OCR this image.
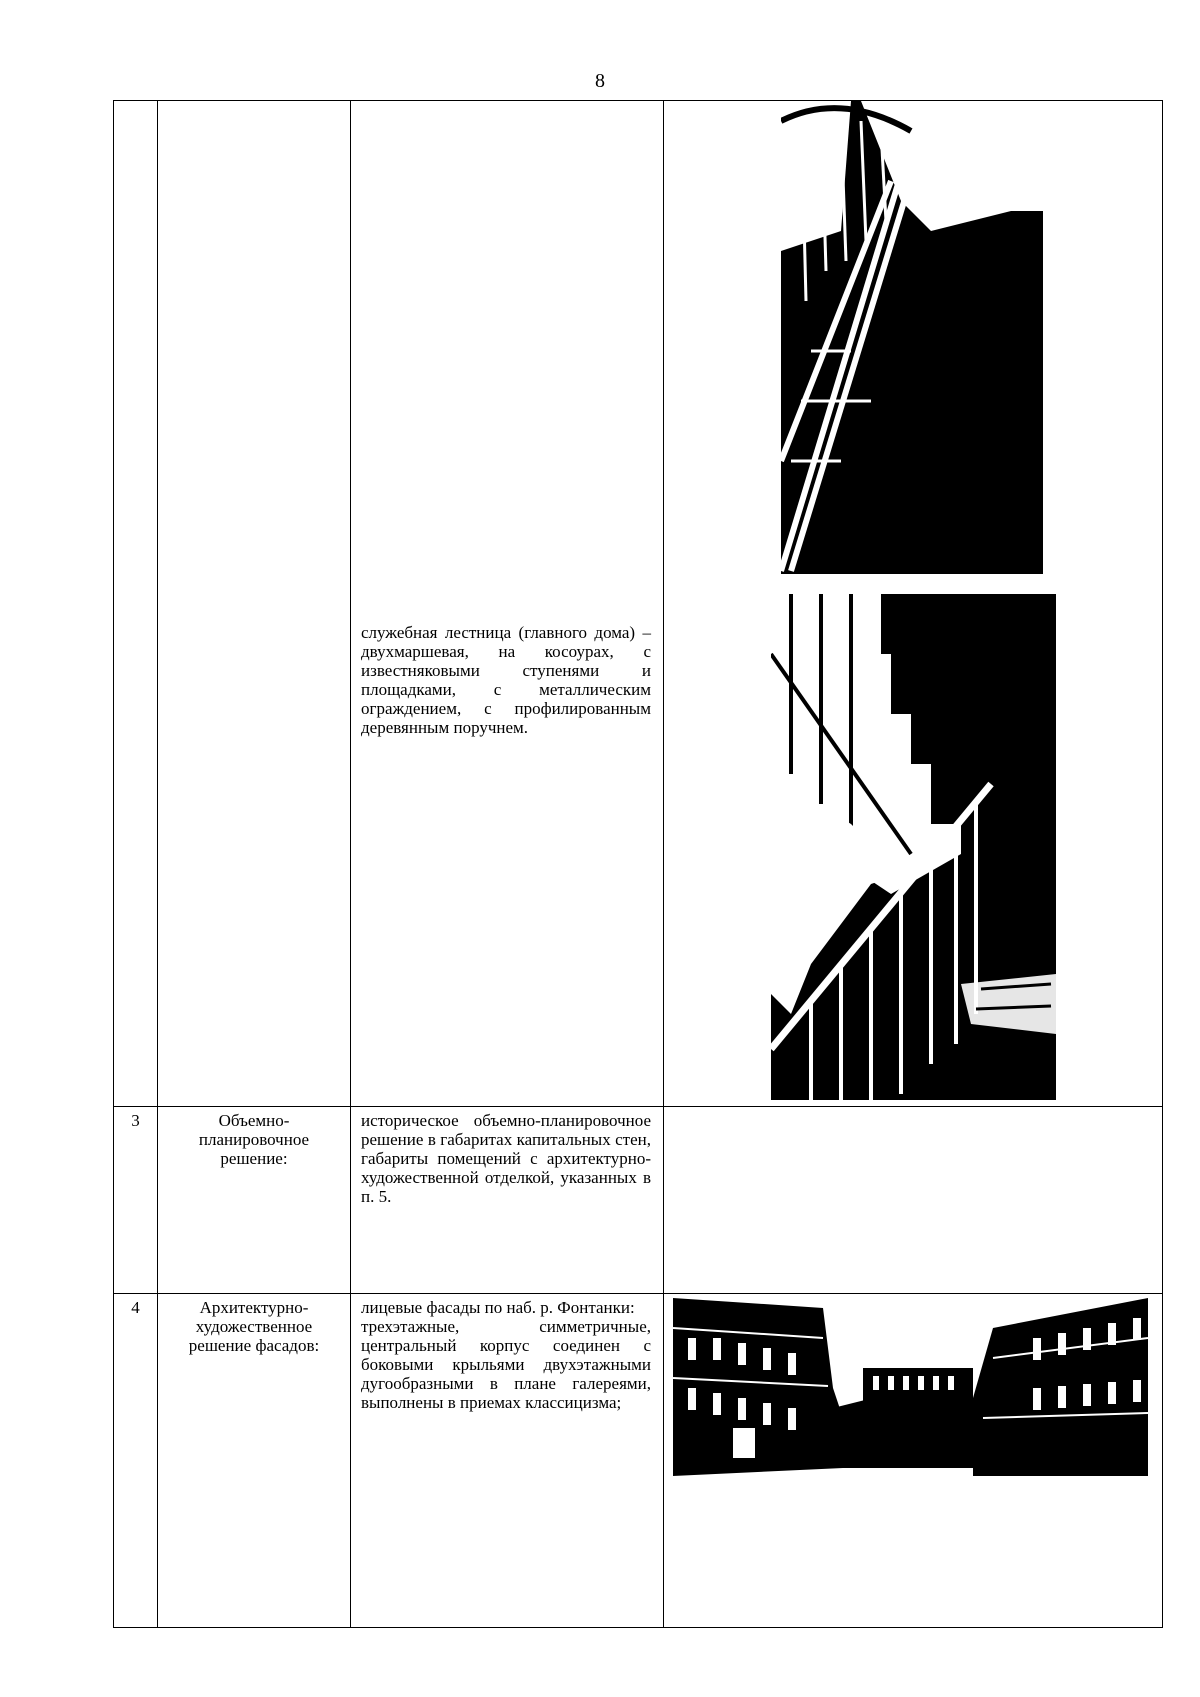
8

		служебная лестница (главного дома) – двухмаршевая, на косоурах, с известняковыми ступенями и площадками, с металлическим ограждением, с профилированным деревянным поручнем.

3	Объемно-планировочное решение:	историческое объемно-планировочное решение в габаритах капитальных стен, габариты помещений с архитектурно-художественной отделкой, указанных в п. 5.	
4	Архитектурно-художественное решение фасадов:	лицевые фасады по наб. р. Фонтанки:
трехэтажные, симметричные, центральный корпус соединен с боковыми крыльями двухэтажными дугообразными в плане галереями, выполнены в приемах классицизма;
